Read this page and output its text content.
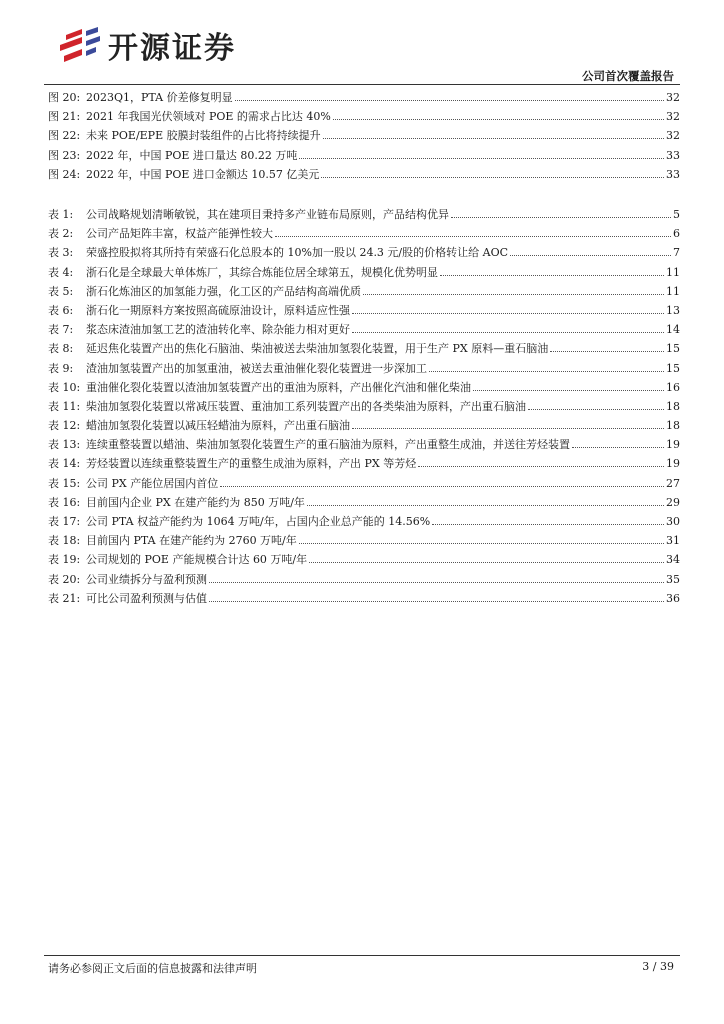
开源证券
公司首次覆盖报告
图 20: 2023Q1，PTA 价差修复明显	32
图 21: 2021 年我国光伏领域对 POE 的需求占比达 40%	32
图 22: 未来 POE/EPE 胶膜封装组件的占比将持续提升	32
图 23: 2022 年，中国 POE 进口量达 80.22 万吨	33
图 24: 2022 年，中国 POE 进口金额达 10.57 亿美元	33
表 1:	公司战略规划清晰敏锐，其在建项目秉持多产业链布局原则，产品结构优异	5
表 2:	公司产品矩阵丰富，权益产能弹性较大	6
表 3:	荣盛控股拟将其所持有荣盛石化总股本的 10%加一股以 24.3 元/股的价格转让给 AOC	7
表 4:	浙石化是全球最大单体炼厂，其综合炼能位居全球第五，规模化优势明显	11
表 5:	浙石化炼油区的加氢能力强，化工区的产品结构高端优质	11
表 6:	浙石化一期原料方案按照高硫原油设计，原料适应性强	13
表 7:	浆态床渣油加氢工艺的渣油转化率、除杂能力相对更好	14
表 8:	延迟焦化装置产出的焦化石脑油、柴油被送去柴油加氢裂化装置，用于生产 PX 原料—重石脑油	15
表 9:	渣油加氢装置产出的加氢重油，被送去重油催化裂化装置进一步深加工	15
表 10: 重油催化裂化装置以渣油加氢装置产出的重油为原料，产出催化汽油和催化柴油	16
表 11: 柴油加氢裂化装置以常减压装置、重油加工系列装置产出的各类柴油为原料，产出重石脑油	18
表 12: 蜡油加氢裂化装置以减压轻蜡油为原料，产出重石脑油	18
表 13: 连续重整装置以蜡油、柴油加氢裂化装置生产的重石脑油为原料，产出重整生成油，并送往芳烃装置	19
表 14: 芳烃装置以连续重整装置生产的重整生成油为原料，产出 PX 等芳烃	19
表 15: 公司 PX 产能位居国内首位	27
表 16: 目前国内企业 PX 在建产能约为 850 万吨/年	29
表 17: 公司 PTA 权益产能约为 1064 万吨/年，占国内企业总产能的 14.56%	30
表 18: 目前国内 PTA 在建产能约为 2760 万吨/年	31
表 19: 公司规划的 POE 产能规模合计达 60 万吨/年	34
表 20: 公司业绩拆分与盈利预测	35
表 21: 可比公司盈利预测与估值	36
请务必参阅正文后面的信息披露和法律声明	3 / 39
